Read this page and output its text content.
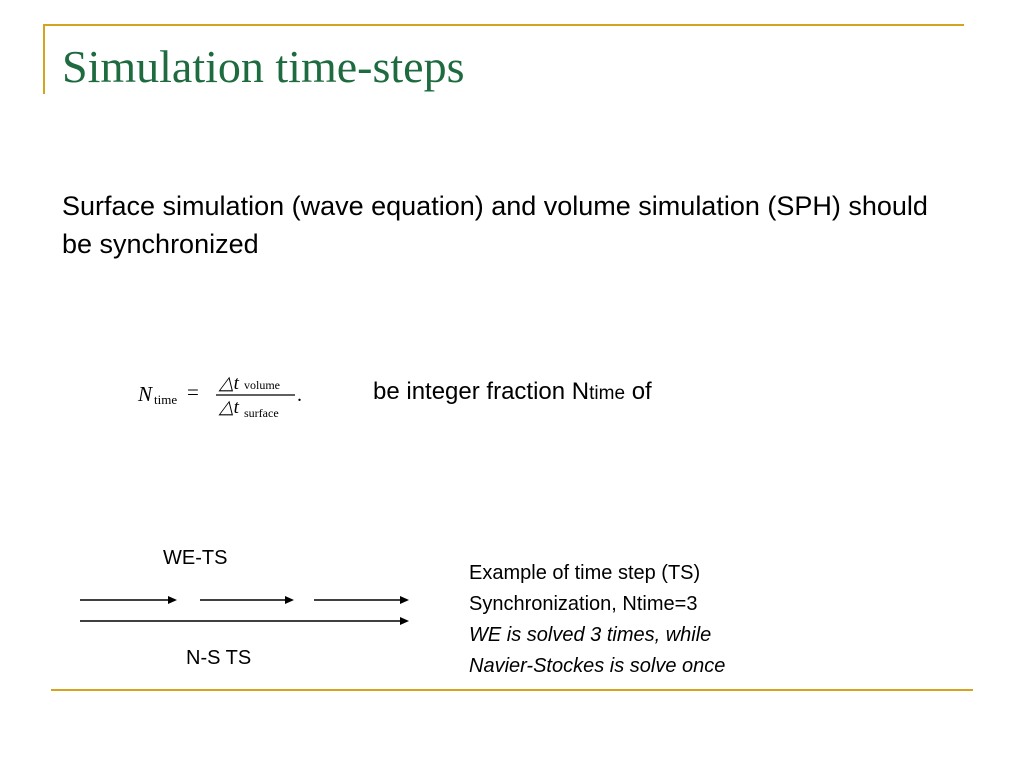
Simulation time-steps
Surface simulation (wave equation) and volume simulation (SPH) should be synchronized
N time = △t volume
△t surface
.	be integer fraction Ntime of
WE-TS
N-S TS
Example of time step (TS)
Synchronization, Ntime=3
WE is solved 3 times, while
Navier-Stockes is solve once
